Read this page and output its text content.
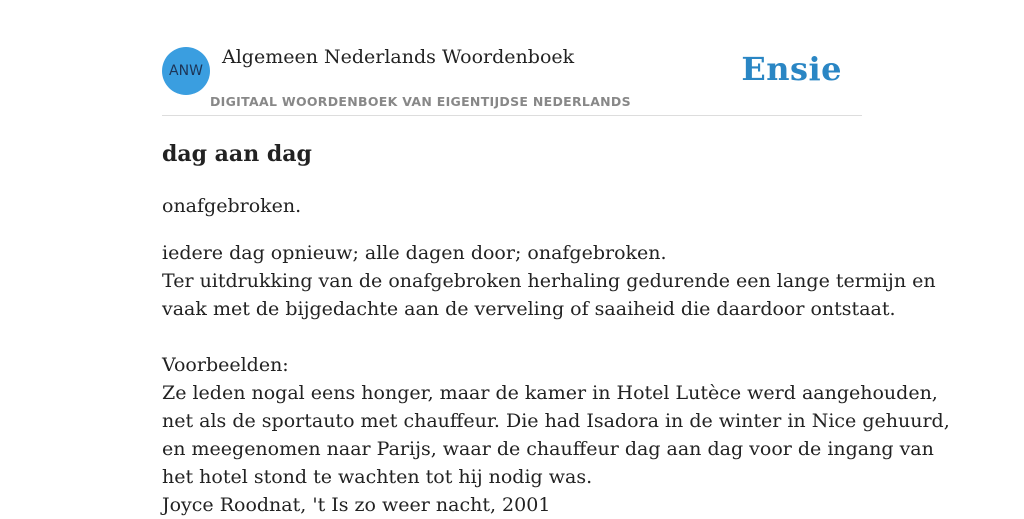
ANW
Algemeen Nederlands Woordenboek
DIGITAAL WOORDENBOEK VAN EIGENTIJDSE NEDERLANDS
Ensie
dag aan dag
onafgebroken.
iedere dag opnieuw; alle dagen door; onafgebroken.
Ter uitdrukking van de onafgebroken herhaling gedurende een lange termijn en
vaak met de bijgedachte aan de verveling of saaiheid die daardoor ontstaat.
Voorbeelden:
Ze leden nogal eens honger, maar de kamer in Hotel Lutèce werd aangehouden,
net als de sportauto met chauffeur. Die had Isadora in de winter in Nice gehuurd,
en meegenomen naar Parijs, waar de chauffeur dag aan dag voor de ingang van
het hotel stond te wachten tot hij nodig was.
Joyce Roodnat, 't Is zo weer nacht, 2001
